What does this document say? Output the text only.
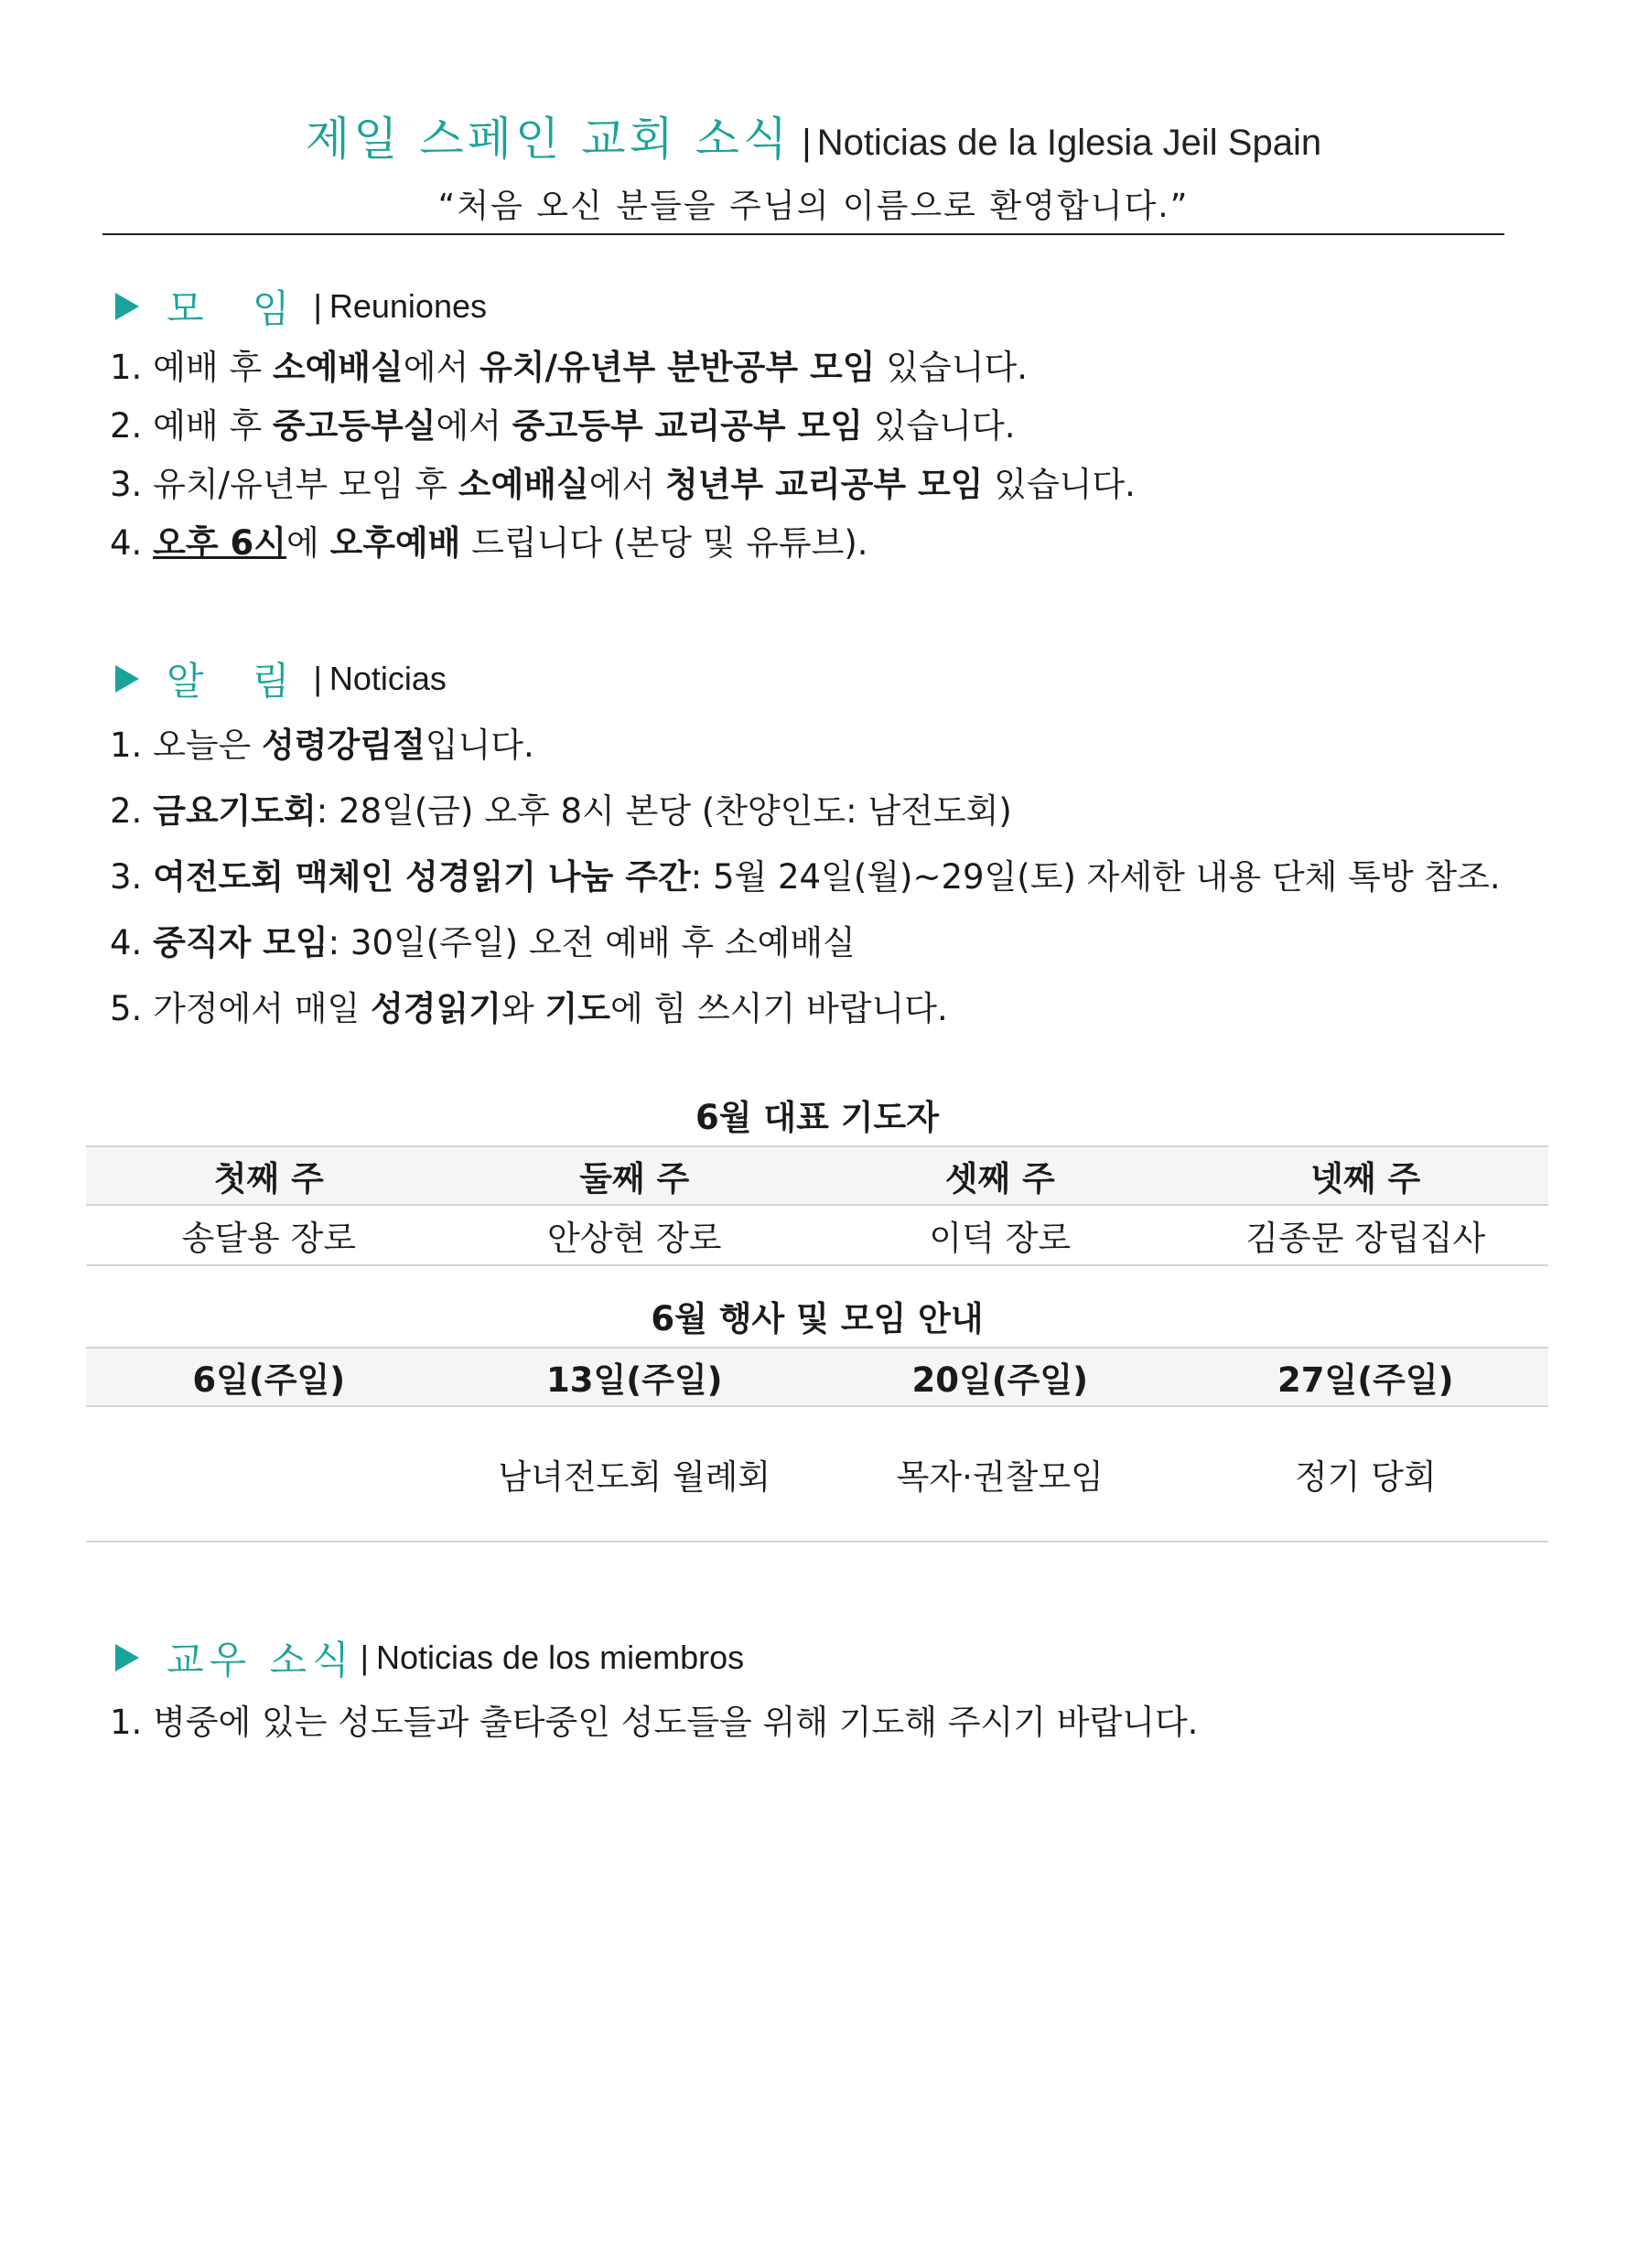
제일 스페인 교회 소식 | Noticias de la Iglesia Jeil Spain
“처음 오신 분들을 주님의 이름으로 환영합니다.”
모 임 | Reuniones
1. 예배 후 소예배실에서 유치/유년부 분반공부 모임 있습니다.
2. 예배 후 중고등부실에서 중고등부 교리공부 모임 있습니다.
3. 유치/유년부 모임 후 소예배실에서 청년부 교리공부 모임 있습니다.
4. 오후 6시에 오후예배 드립니다 (본당 및 유튜브).
알 림 | Noticias
1. 오늘은 성령강림절입니다.
2. 금요기도회: 28일(금) 오후 8시 본당 (찬양인도: 남전도회)
3. 여전도회 맥체인 성경읽기 나눔 주간: 5월 24일(월)~29일(토) 자세한 내용 단체 톡방 참조.
4. 중직자 모임: 30일(주일) 오전 예배 후 소예배실
5. 가정에서 매일 성경읽기와 기도에 힘 쓰시기 바랍니다.
6월 대표 기도자
첫째 주	둘째 주	셋째 주	넷째 주
송달용 장로	안상현 장로	이덕 장로	김종문 장립집사
6월 행사 및 모임 안내
6일(주일)	13일(주일)	20일(주일)	27일(주일)
	남녀전도회 월례회	목자·권찰모임	정기 당회
교우 소식 | Noticias de los miembros
1. 병중에 있는 성도들과 출타중인 성도들을 위해 기도해 주시기 바랍니다.
